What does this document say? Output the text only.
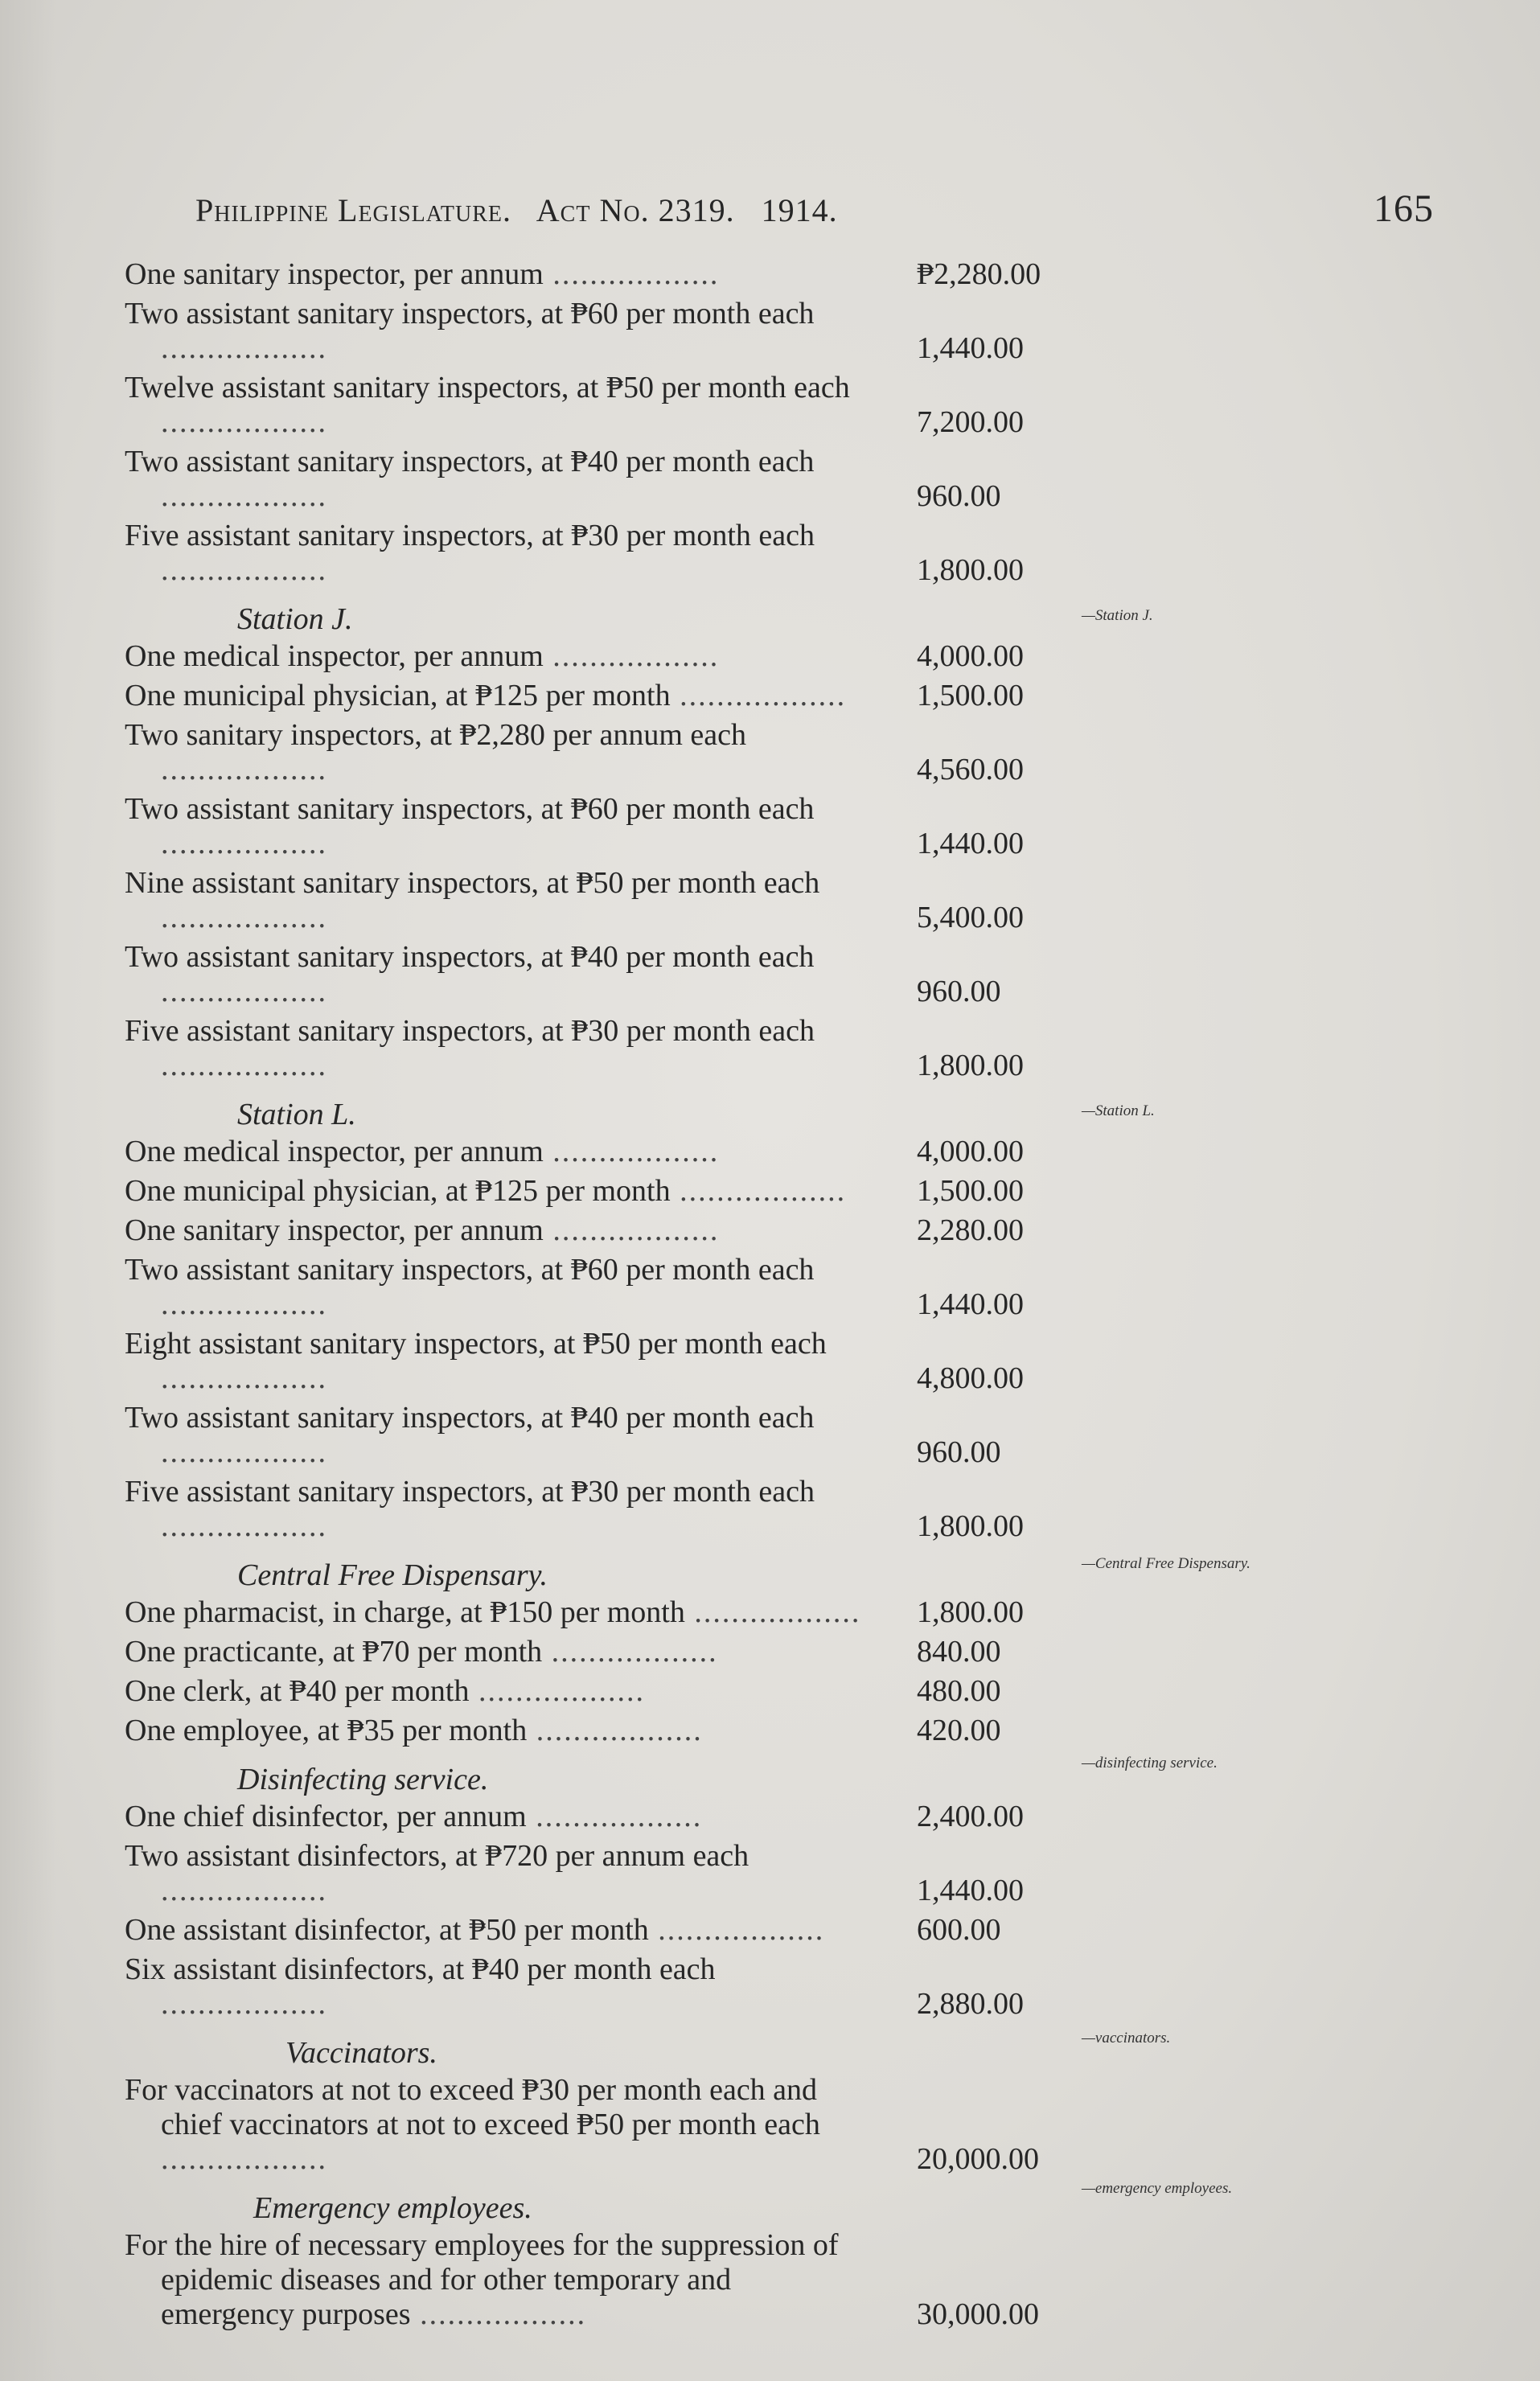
Philippine Legislature. Act No. 2319. 1914.	165
One sanitary inspector, per annum ..................	₱2,280.00
Two assistant sanitary inspectors, at ₱60 per month each ..................	1,440.00
Twelve assistant sanitary inspectors, at ₱50 per month each ..................	7,200.00
Two assistant sanitary inspectors, at ₱40 per month each ..................	960.00
Five assistant sanitary inspectors, at ₱30 per month each ..................	1,800.00
Station J.	—Station J.
One medical inspector, per annum ..................	4,000.00
One municipal physician, at ₱125 per month ..................	1,500.00
Two sanitary inspectors, at ₱2,280 per annum each ..................	4,560.00
Two assistant sanitary inspectors, at ₱60 per month each ..................	1,440.00
Nine assistant sanitary inspectors, at ₱50 per month each ..................	5,400.00
Two assistant sanitary inspectors, at ₱40 per month each ..................	960.00
Five assistant sanitary inspectors, at ₱30 per month each ..................	1,800.00
Station L.	—Station L.
One medical inspector, per annum ..................	4,000.00
One municipal physician, at ₱125 per month ..................	1,500.00
One sanitary inspector, per annum ..................	2,280.00
Two assistant sanitary inspectors, at ₱60 per month each ..................	1,440.00
Eight assistant sanitary inspectors, at ₱50 per month each ..................	4,800.00
Two assistant sanitary inspectors, at ₱40 per month each ..................	960.00
Five assistant sanitary inspectors, at ₱30 per month each ..................	1,800.00
Central Free Dispensary.	—Central Free Dispensary.
One pharmacist, in charge, at ₱150 per month .................. 1,800.00
One practicante, at ₱70 per month ..................	840.00
One clerk, at ₱40 per month ..................	480.00
One employee, at ₱35 per month ..................	420.00
Disinfecting service.	—disinfecting service.
One chief disinfector, per annum ..................	2,400.00
Two assistant disinfectors, at ₱720 per annum each ..................	1,440.00
One assistant disinfector, at ₱50 per month ..................	600.00
Six assistant disinfectors, at ₱40 per month each ..................	2,880.00
Vaccinators.	—vaccinators.
For vaccinators at not to exceed ₱30 per month each and chief vaccinators at not to exceed ₱50 per month each ..................	20,000.00
Emergency employees.
—emergency employees.
For the hire of necessary employees for the suppression of epidemic diseases and for other temporary and emergency purposes ..................	30,000.00
